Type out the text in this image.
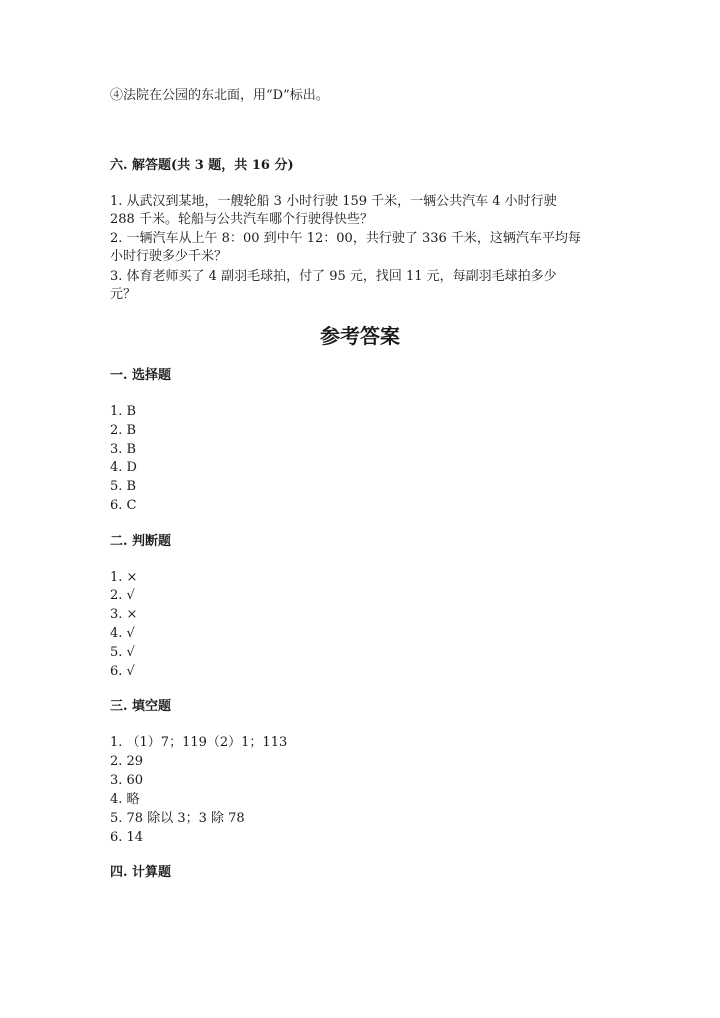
④法院在公园的东北面，用“D”标出。
六. 解答题(共 3 题，共 16 分)
1. 从武汉到某地，一艘轮船 3 小时行驶 159 千米，一辆公共汽车 4 小时行驶
288 千米。轮船与公共汽车哪个行驶得快些？
2. 一辆汽车从上午 8：00 到中午 12：00，共行驶了 336 千米，这辆汽车平均每
小时行驶多少千米？
3. 体育老师买了 4 副羽毛球拍，付了 95 元，找回 11 元，每副羽毛球拍多少
元？
参考答案
一. 选择题
1. B
2. B
3. B
4. D
5. B
6. C
二. 判断题
1. ×
2. √
3. ×
4. √
5. √
6. √
三. 填空题
1. （1）7；119（2）1；113
2. 29
3. 60
4. 略
5. 78 除以 3；3 除 78
6. 14
四. 计算题
